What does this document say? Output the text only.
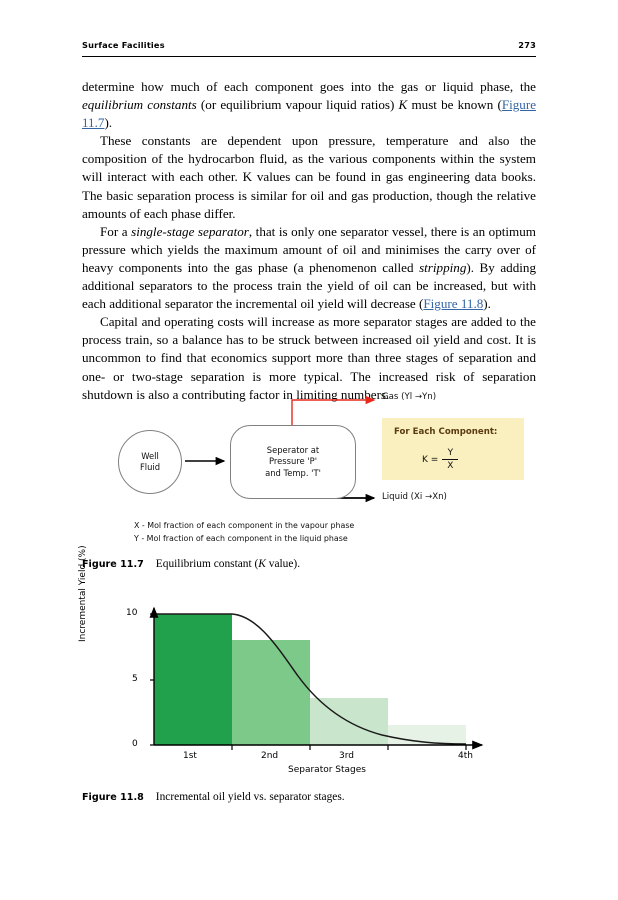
Surface Facilities	273

determine how much of each component goes into the gas or liquid phase, the equilibrium constants (or equilibrium vapour liquid ratios) K must be known (Figure 11.7).

These constants are dependent upon pressure, temperature and also the composition of the hydrocarbon fluid, as the various components within the system will interact with each other. K values can be found in gas engineering data books. The basic separation process is similar for oil and gas production, though the relative amounts of each phase differ.

For a single-stage separator, that is only one separator vessel, there is an optimum pressure which yields the maximum amount of oil and minimises the carry over of heavy components into the gas phase (a phenomenon called stripping). By adding additional separators to the process train the yield of oil can be increased, but with each additional separator the incremental oil yield will decrease (Figure 11.8).

Capital and operating costs will increase as more separator stages are added to the process train, so a balance has to be struck between increased oil yield and cost. It is uncommon to find that economics support more than three stages of separation and one- or two-stage separation is more typical. The increased risk of separation shutdown is also a contributing factor in limiting numbers.

Well
Fluid
Seperator at
Pressure 'P'
and Temp. 'T'
Gas (Yl →Yn)
Liquid (Xi →Xn)
For Each Component:
$K = \frac{Y}{X}$
X - Mol fraction of each component in the vapour phase
Y - Mol fraction of each component in the liquid phase
Figure 11.7 Equilibrium constant (K value).
Incremental Yield (%)
Separator Stages
10
5
0
1st	2nd	3rd	4th
Figure 11.8 Incremental oil yield vs. separator stages.
